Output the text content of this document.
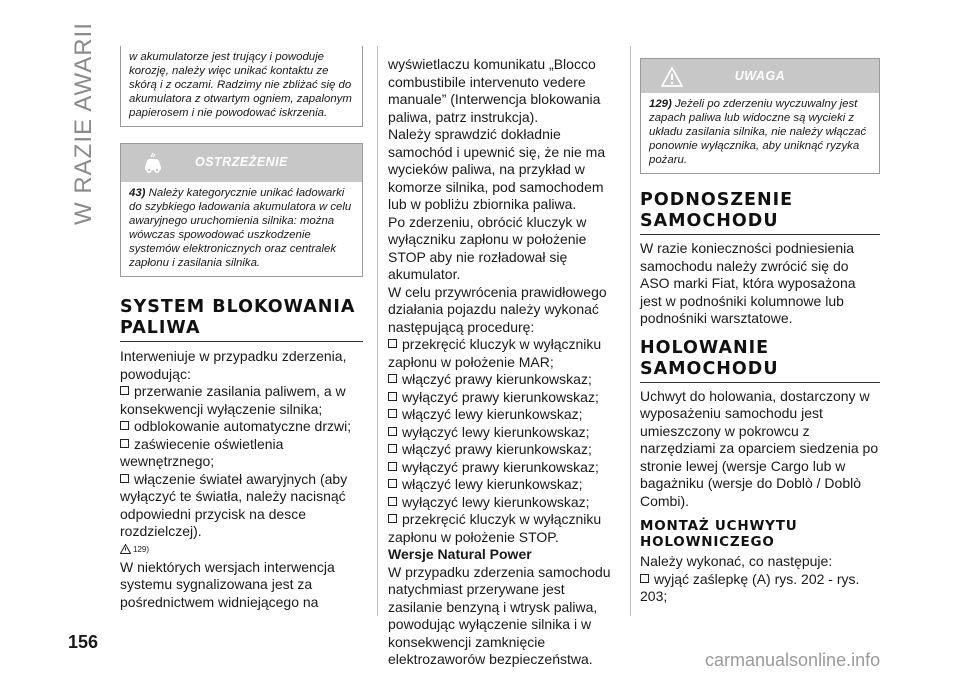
W RAZIE AWARII	w akumulatorze jest trujący i powoduje korozję, należy więc unikać kontaktu ze skórą i z oczami. Radzimy nie zbliżać się do akumulatora z otwartym ogniem, zapalonym papierosem i nie powodować iskrzenia.
OSTRZEŻENIE
43) Należy kategorycznie unikać ładowarki do szybkiego ładowania akumulatora w celu awaryjnego uruchomienia silnika: można wówczas spowodować uszkodzenie systemów elektronicznych oraz centralek zapłonu i zasilania silnika.
SYSTEM BLOKOWANIA PALIWA

Interweniuje w przypadku zderzenia, powodując:

przerwanie zasilania paliwem, a w konsekwencji wyłączenie silnika;
odblokowanie automatyczne drzwi;
zaświecenie oświetlenia wewnętrznego;
włączenie świateł awaryjnych (aby wyłączyć te światła, należy nacisnąć odpowiedni przycisk na desce rozdzielczej).
129)

W niektórych wersjach interwencja systemu sygnalizowana jest za pośrednictwem widniejącego na

wyświetlaczu komunikatu „Blocco combustibile intervenuto vedere manuale” (Interwencja blokowania paliwa, patrz instrukcja).

Należy sprawdzić dokładnie samochód i upewnić się, że nie ma wycieków paliwa, na przykład w komorze silnika, pod samochodem lub w pobliżu zbiornika paliwa.

Po zderzeniu, obrócić kluczyk w wyłączniku zapłonu w położenie STOP aby nie rozładował się akumulator.

W celu przywrócenia prawidłowego działania pojazdu należy wykonać następującą procedurę:

przekręcić kluczyk w wyłączniku zapłonu w położenie MAR;
włączyć prawy kierunkowskaz;
wyłączyć prawy kierunkowskaz;
włączyć lewy kierunkowskaz;
wyłączyć lewy kierunkowskaz;
włączyć prawy kierunkowskaz;
wyłączyć prawy kierunkowskaz;
włączyć lewy kierunkowskaz;
wyłączyć lewy kierunkowskaz;
przekręcić kluczyk w wyłączniku zapłonu w położenie STOP.
Wersje Natural Power

W przypadku zderzenia samochodu natychmiast przerywane jest zasilanie benzyną i wtrysk paliwa, powodując wyłączenie silnika i w konsekwencji zamknięcie elektrozaworów bezpieczeństwa.

UWAGA
129) Jeżeli po zderzeniu wyczuwalny jest zapach paliwa lub widoczne są wycieki z układu zasilania silnika, nie należy włączać ponownie wyłącznika, aby uniknąć ryzyka pożaru.
PODNOSZENIE SAMOCHODU

W razie konieczności podniesienia samochodu należy zwrócić się do ASO marki Fiat, która wyposażona jest w podnośniki kolumnowe lub podnośniki warsztatowe.

HOLOWANIE SAMOCHODU

Uchwyt do holowania, dostarczony w wyposażeniu samochodu jest umieszczony w pokrowcu z narzędziami za oparciem siedzenia po stronie lewej (wersje Cargo lub w bagażniku (wersje do Doblò / Doblò Combi).

MONTAŻ UCHWYTU HOLOWNICZEGO

Należy wykonać, co następuje:

wyjąć zaślepkę (A) rys. 202 - rys. 203;
156
carmanualsonline.info
